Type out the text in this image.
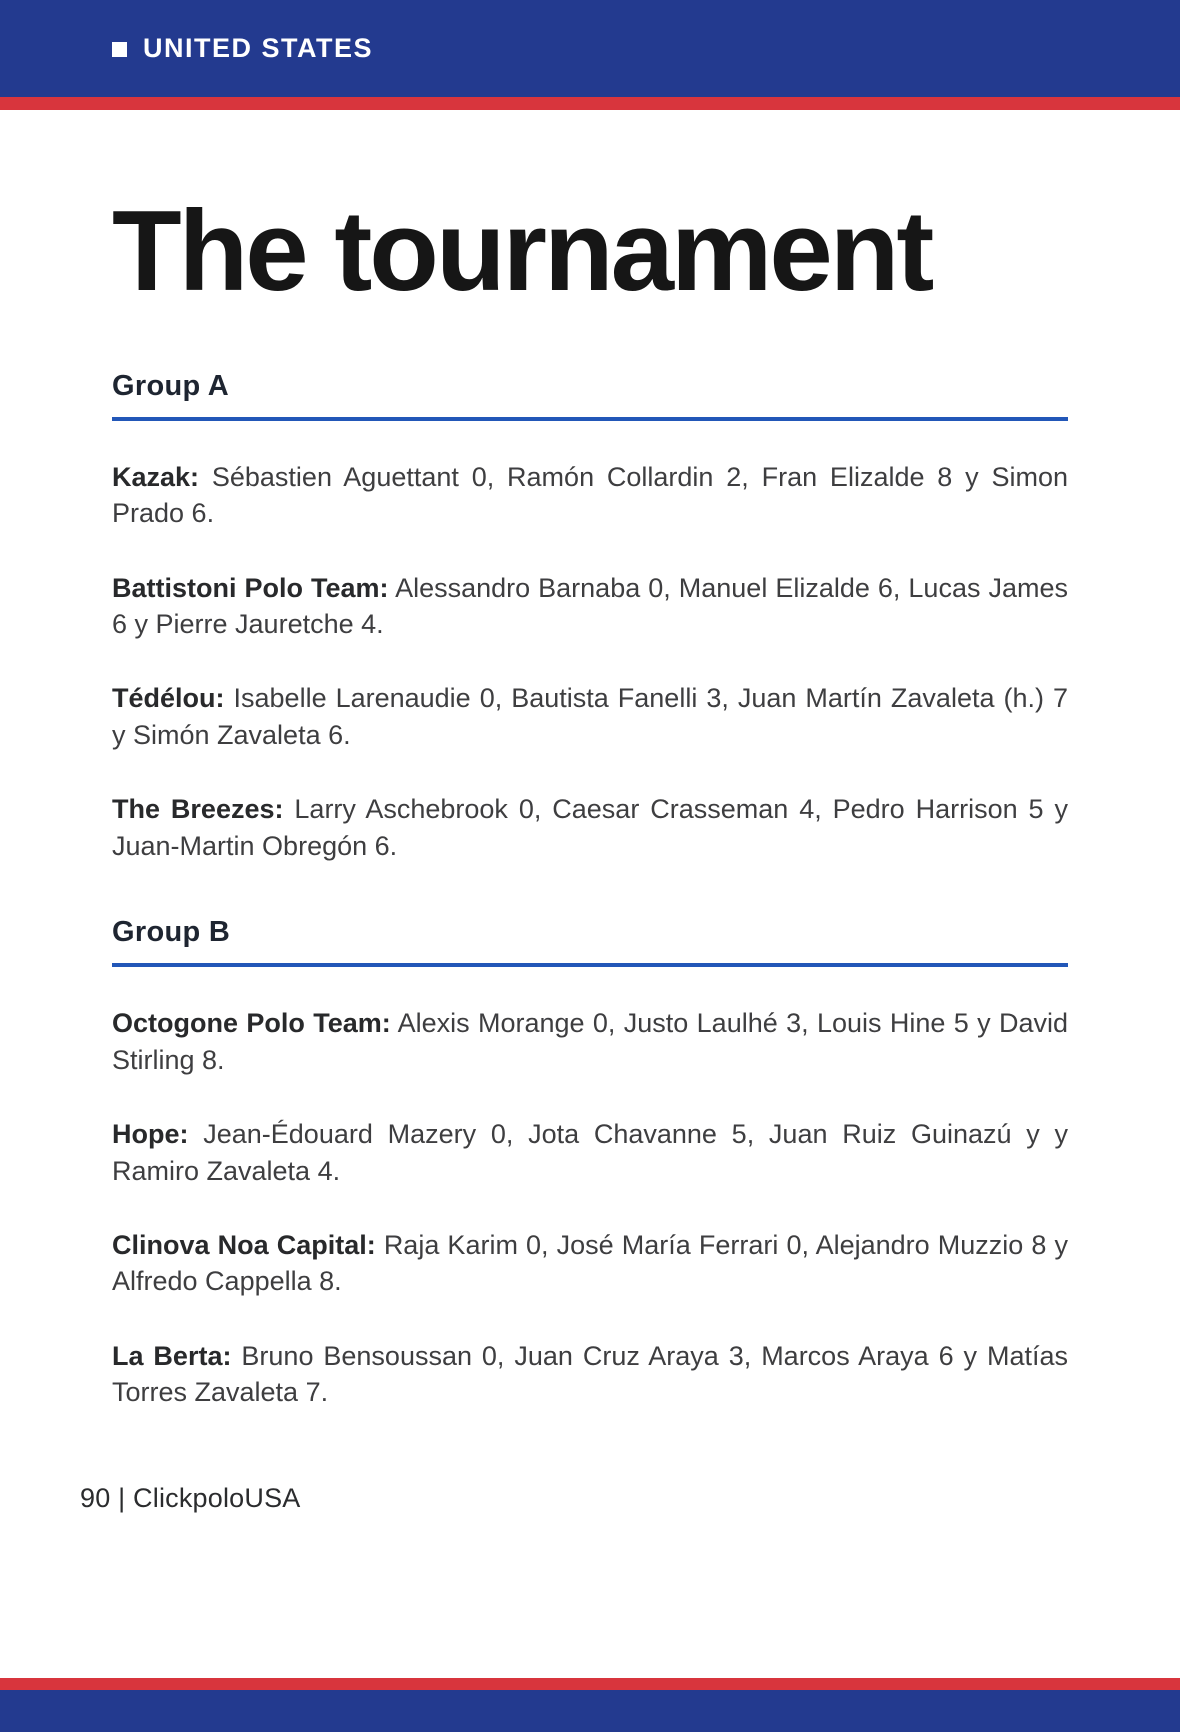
UNITED STATES
The tournament
Group A

Kazak: Sébastien Aguettant 0, Ramón Collardin 2, Fran Elizalde 8 y Simon Prado 6.

Battistoni Polo Team: Alessandro Barnaba 0, Manuel Elizalde 6, Lucas James 6 y Pierre Jauretche 4.

Tédélou: Isabelle Larenaudie 0, Bautista Fanelli 3, Juan Martín Zavaleta (h.) 7 y Simón Zavaleta 6.

The Breezes: Larry Aschebrook 0, Caesar Crasseman 4, Pedro Harrison 5 y Juan-Martin Obregón 6.

Group B

Octogone Polo Team: Alexis Morange 0, Justo Laulhé 3, Louis Hine 5 y David Stirling 8.

Hope: Jean-Édouard Mazery 0, Jota Chavanne 5, Juan Ruiz Guinazú y y Ramiro Zavaleta 4.

Clinova Noa Capital: Raja Karim 0, José María Ferrari 0, Alejandro Muzzio 8 y Alfredo Cappella 8.

La Berta: Bruno Bensoussan 0, Juan Cruz Araya 3, Marcos Araya 6 y Matías Torres Zavaleta 7.

90 | ClickpoloUSA
